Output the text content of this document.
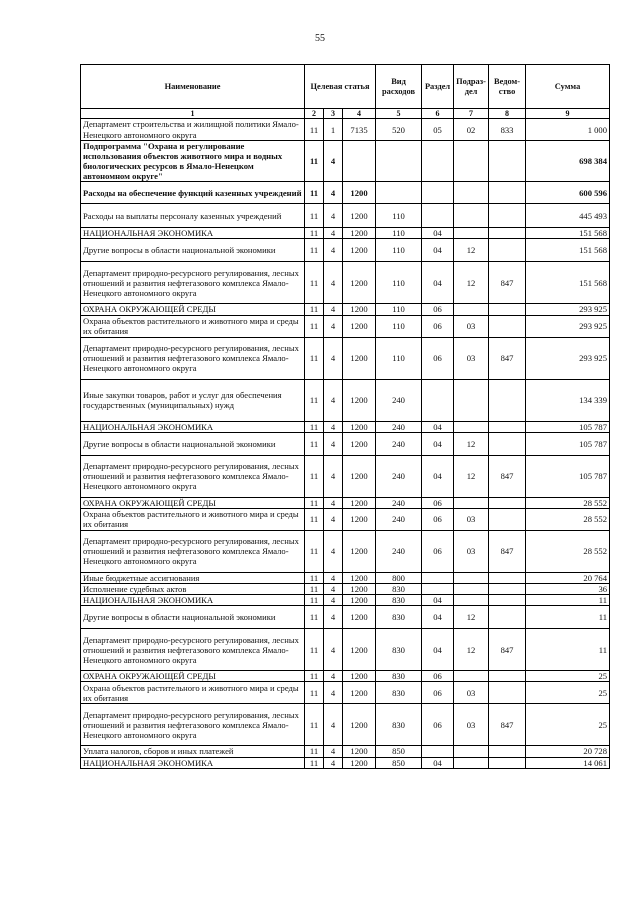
55
Наименование	Целевая статья			Вид расходов	Раздел	Подраз-дел	Ведом-ство	Сумма
1	2	3	4	5	6	7	8	9
Департамент строительства и жилищной политики Ямало-Ненецкого автономного округа	11	1	7135	520	05	02	833	1 000
Подпрограмма "Охрана и регулирование использования объектов животного мира и водных биологических ресурсов в Ямало-Ненецком автономном округе"	11	4						698 384
Расходы на обеспечение функций казенных учреждений	11	4	1200					600 596
Расходы на выплаты персоналу казенных учреждений	11	4	1200	110				445 493
НАЦИОНАЛЬНАЯ ЭКОНОМИКА	11	4	1200	110	04			151 568
Другие вопросы в области национальной экономики	11	4	1200	110	04	12		151 568
Департамент природно-ресурсного регулирования, лесных отношений и развития нефтегазового комплекса Ямало-Ненецкого автономного округа	11	4	1200	110	04	12	847	151 568
ОХРАНА ОКРУЖАЮЩЕЙ СРЕДЫ	11	4	1200	110	06			293 925
Охрана объектов растительного и животного мира и среды их обитания	11	4	1200	110	06	03		293 925
Департамент природно-ресурсного регулирования, лесных отношений и развития нефтегазового комплекса Ямало-Ненецкого автономного округа	11	4	1200	110	06	03	847	293 925
Иные закупки товаров, работ и услуг для обеспечения государственных (муниципальных) нужд	11	4	1200	240				134 339
НАЦИОНАЛЬНАЯ ЭКОНОМИКА	11	4	1200	240	04			105 787
Другие вопросы в области национальной экономики	11	4	1200	240	04	12		105 787
Департамент природно-ресурсного регулирования, лесных отношений и развития нефтегазового комплекса Ямало-Ненецкого автономного округа	11	4	1200	240	04	12	847	105 787
ОХРАНА ОКРУЖАЮЩЕЙ СРЕДЫ	11	4	1200	240	06			28 552
Охрана объектов растительного и животного мира и среды их обитания	11	4	1200	240	06	03		28 552
Департамент природно-ресурсного регулирования, лесных отношений и развития нефтегазового комплекса Ямало-Ненецкого автономного округа	11	4	1200	240	06	03	847	28 552
Иные бюджетные ассигнования	11	4	1200	800				20 764
Исполнение судебных актов	11	4	1200	830				36
НАЦИОНАЛЬНАЯ ЭКОНОМИКА	11	4	1200	830	04			11
Другие вопросы в области национальной экономики	11	4	1200	830	04	12		11
Департамент природно-ресурсного регулирования, лесных отношений и развития нефтегазового комплекса Ямало-Ненецкого автономного округа	11	4	1200	830	04	12	847	11
ОХРАНА ОКРУЖАЮЩЕЙ СРЕДЫ	11	4	1200	830	06			25
Охрана объектов растительного и животного мира и среды их обитания	11	4	1200	830	06	03		25
Департамент природно-ресурсного регулирования, лесных отношений и развития нефтегазового комплекса Ямало-Ненецкого автономного округа	11	4	1200	830	06	03	847	25
Уплата налогов, сборов и иных платежей	11	4	1200	850				20 728
НАЦИОНАЛЬНАЯ ЭКОНОМИКА	11	4	1200	850	04			14 061
